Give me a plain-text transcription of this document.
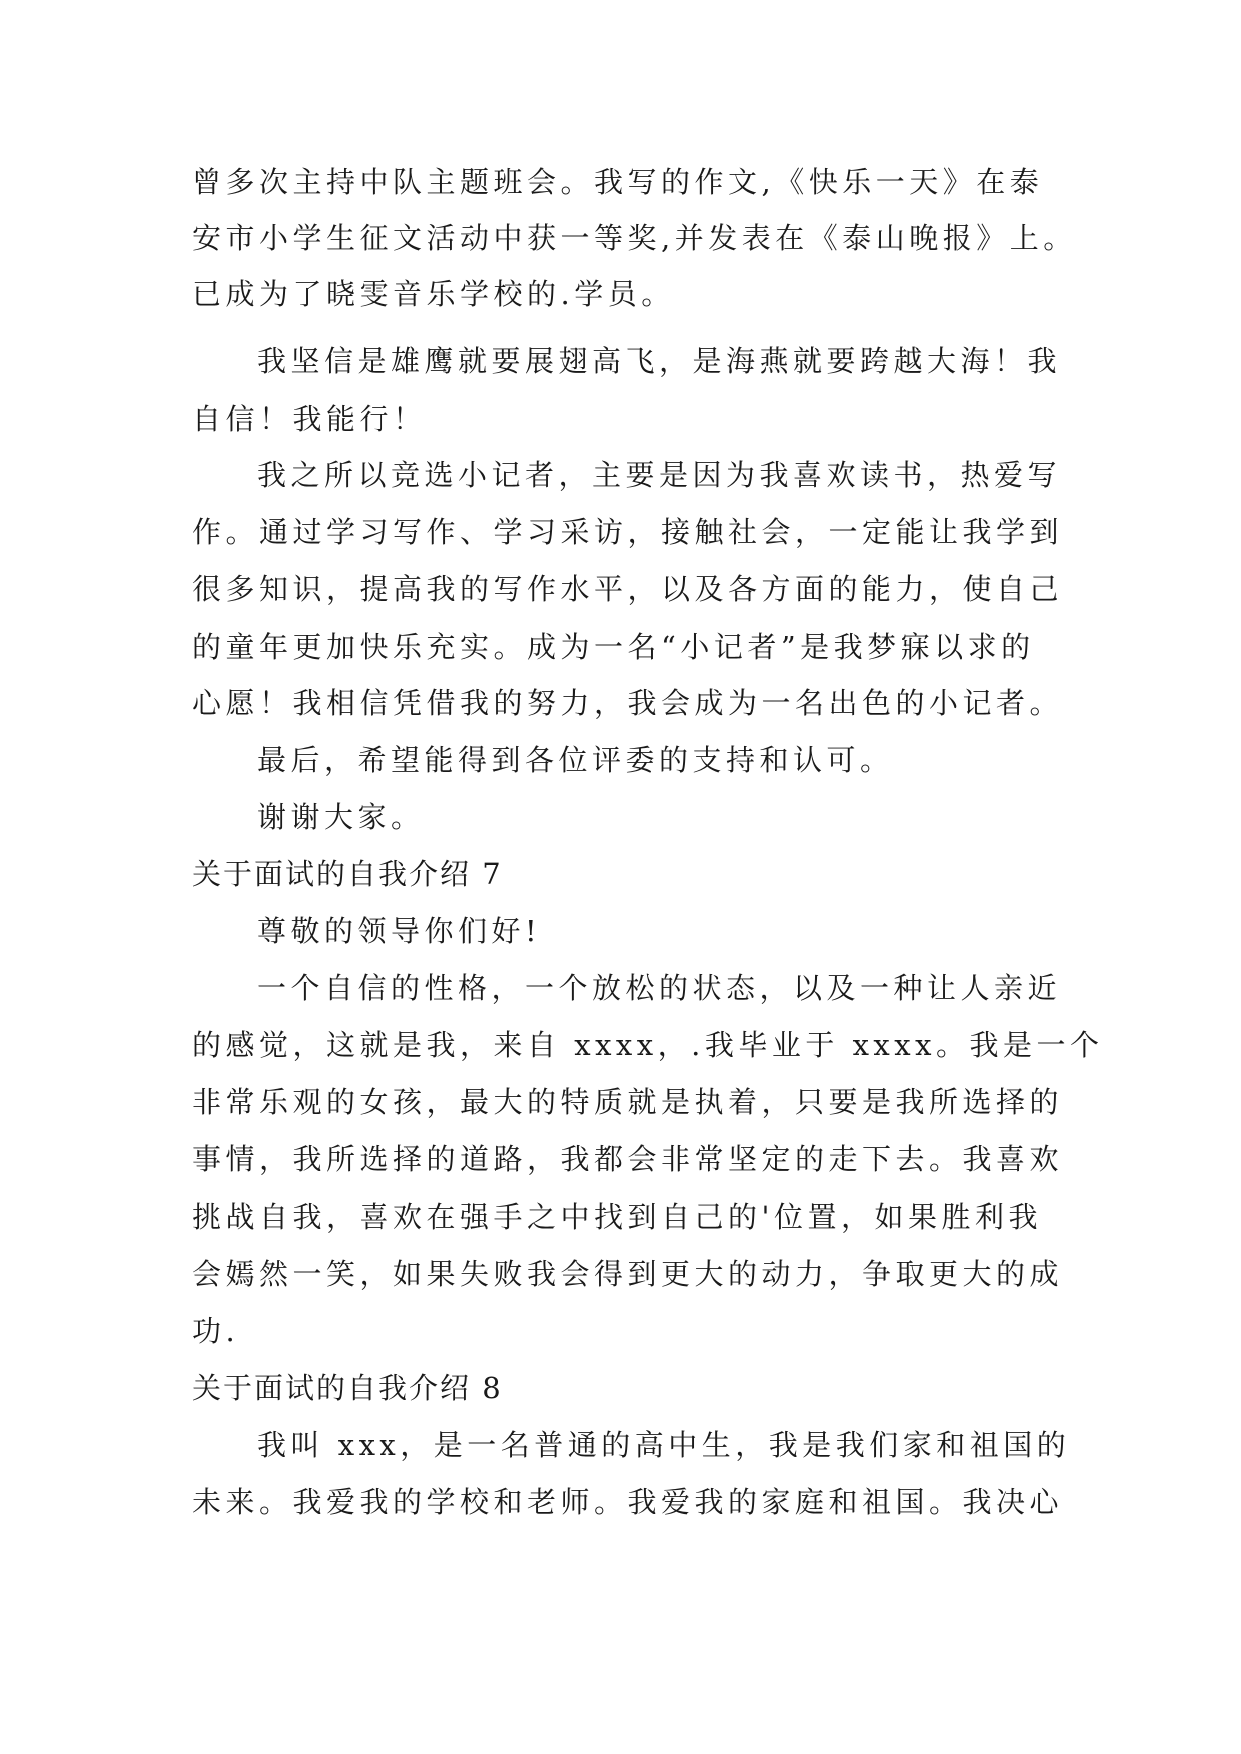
曾多次主持中队主题班会。我写的作文,《快乐一天》在泰
安市小学生征文活动中获一等奖,并发表在《泰山晚报》上。
已成为了晓雯音乐学校的.学员。
我坚信是雄鹰就要展翅高飞，是海燕就要跨越大海！我
自信！我能行！
我之所以竞选小记者，主要是因为我喜欢读书，热爱写
作。通过学习写作、学习采访，接触社会，一定能让我学到
很多知识，提高我的写作水平，以及各方面的能力，使自己
的童年更加快乐充实。成为一名“小记者”是我梦寐以求的
心愿！我相信凭借我的努力，我会成为一名出色的小记者。
最后，希望能得到各位评委的支持和认可。
谢谢大家。
关于面试的自我介绍 7
尊敬的领导你们好!
一个自信的性格，一个放松的状态，以及一种让人亲近
的感觉，这就是我，来自 xxxx，.我毕业于 xxxx。我是一个
非常乐观的女孩，最大的特质就是执着，只要是我所选择的
事情，我所选择的道路，我都会非常坚定的走下去。我喜欢
挑战自我，喜欢在强手之中找到自己的'位置，如果胜利我
会嫣然一笑，如果失败我会得到更大的动力，争取更大的成
功.
关于面试的自我介绍 8
我叫 xxx，是一名普通的高中生，我是我们家和祖国的
未来。我爱我的学校和老师。我爱我的家庭和祖国。我决心
